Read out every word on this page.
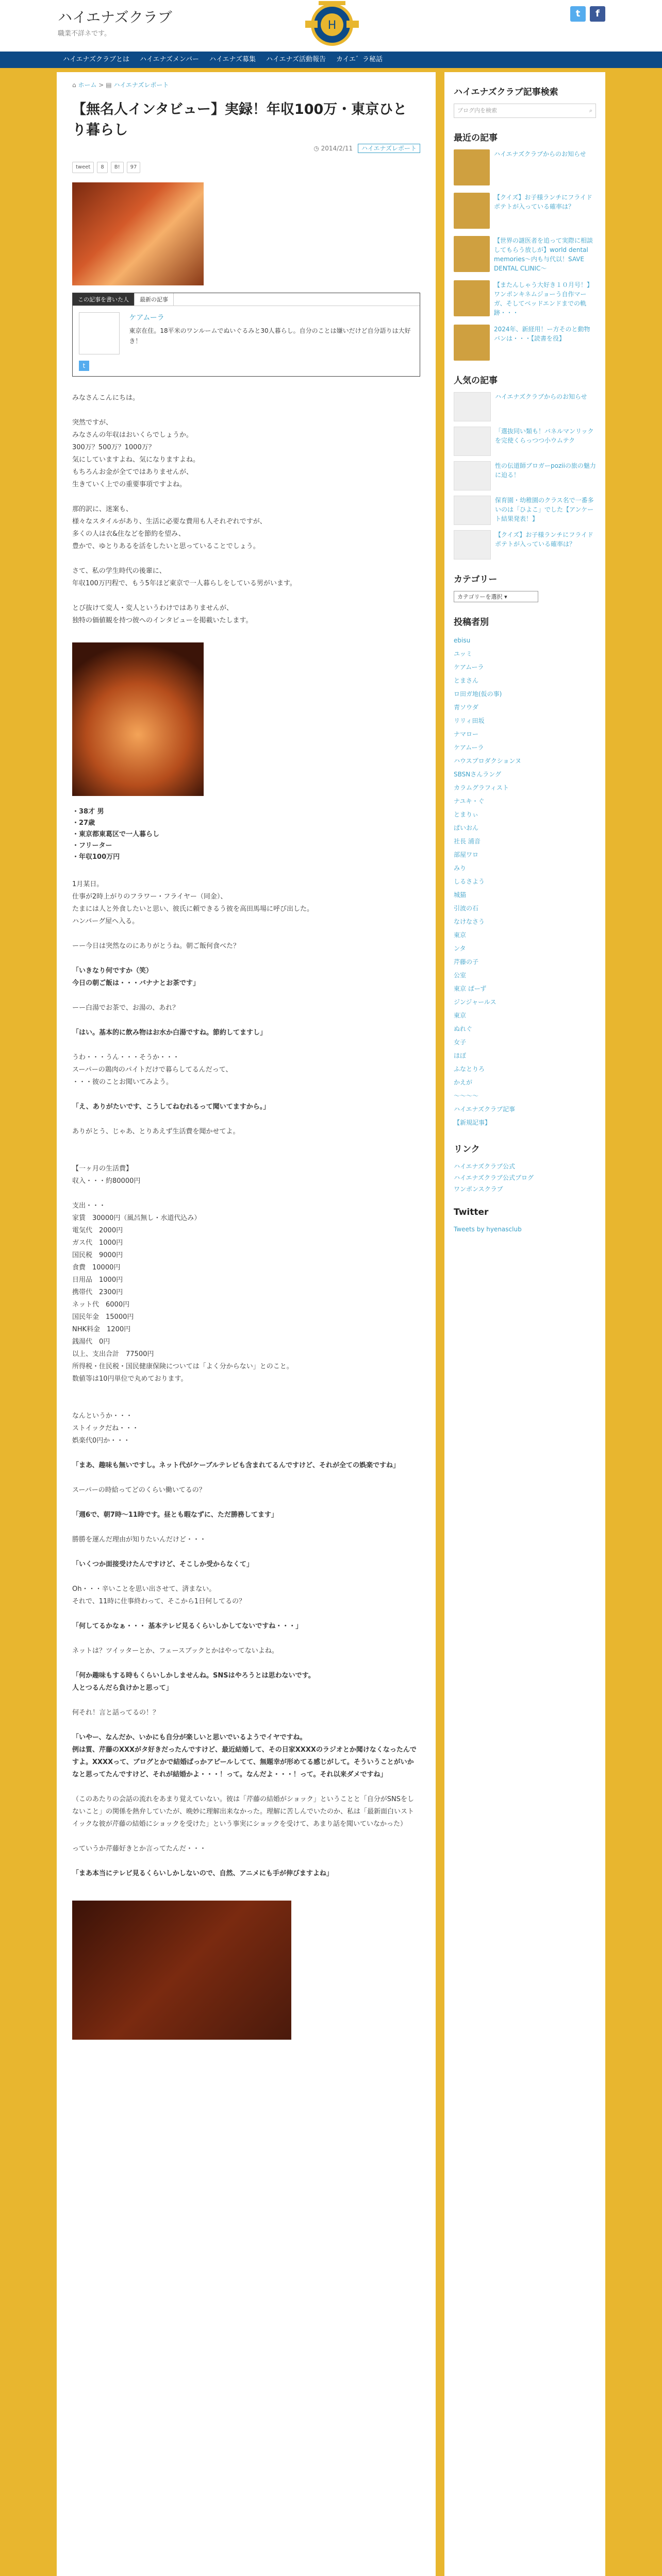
ハイエナズクラブ
職業不詳ネです。
H
t	f
ハイエナズクラブとは	ハイエナズメンバー	ハイエナズ募集	ハイエナズ活動報告	カイエ゛ラ秘話
⌂ ホーム > ▤ ハイエナズレポート
【無名人インタビュー】実録！年収100万・東京ひとり暮らし
◷ 2014/2/11 ハイエナズレポート
tweet	8	B!	97
この記事を書いた人	最新の記事
ケアムーラ
東京在住。18平米のワンルームでぬいぐるみと30人暮らし。自分のことは嫌いだけど自分語りは大好き！
t

みなさんこんにちは。

突然ですが、

みなさんの年収はおいくらでしょうか。

300万？500万？1000万？

気にしていますよね、気になりますよね。

もちろんお金が全てではありませんが、

生きていく上での重要事項ですよね。

那的訳に、迷案も、

様々なスタイルがあり、生活に必要な費用も人それぞれですが、

多くの人は衣&住などを節約を望み、

豊かで、ゆとりあるを活をしたいと思っていることでしょう。

さて、私の学生時代の後輩に、

年収100万円程で、もう5年ほど東京で一人暮らしをしている男がいます。

とび抜けて変人・変人というわけではありませんが、

独特の価値観を持つ彼へのインタビューを掲載いたします。

・38才 男

・27歳

・東京都東葛区で一人暮らし

・フリーター

・年収100万円

1月某日。

仕事が2時上がりのフラワー・フライヤー（同金）、

たまには人と外食したいと思い、彼氏に頼できるう彼を高田馬場に呼び出した。

ハンバーグ屋へ入る。

ーー今日は突然なのにありがとうね。朝ご飯何食べた？

「いきなり何ですか（笑）

今日の朝ご飯は・・・バナナとお茶です」

ーー白湯でお茶で、お湯の、あれ？

「はい。基本的に飲み物はお水か白湯ですね。節約してますし」

うわ・・・うん・・・そうか・・・

スーパーの鶏肉のパイトだけで暮らしてるんだって、

・・・彼のことお聞いてみよう。

「え、ありがたいです、こうしてねむれるって聞いてますから。」

ありがとう、じゃあ、とりあえず生活費を聞かせてよ。

【一ヶ月の生活費】

収入・・・約80000円

支出・・・

家賃　30000円（風呂無し・水道代込み）

電気代　2000円

ガス代　1000円

国民税　9000円

食費　10000円

日用品　1000円

携帯代　2300円

ネット代　6000円

国民年金　15000円

NHK料金　1200円

銭湯代　0円

以上、支出合計　77500円

所得税・住民税・国民健康保険については「よく分からない」とのこと。

数値等は10円単位で丸めております。

なんというか・・・

ストイックだね・・・

娯楽代0円か・・・

「まあ、趣味も無いですし。ネット代がケーブルテレビも含まれてるんですけど、それが全ての娯楽ですね」

スーパーの時給ってどのくらい働いてるの？

「週6で、朝7時〜11時です。昼とも暇なずに、ただ勝務してます」

勝勝を運んだ理由が知りたいんだけど・・・

「いくつか面接受けたんですけど、そこしか受からなくて」

Oh・・・辛いことを思い出させて、済まない。

それで、11時に仕事終わって、そこから1日何してるの？

「何してるかなぁ・・・ 基本テレビ見るくらいしかしてないですね・・・」

ネットは？ツイッターとか、フェースブックとかはやってないよね。

「何か趣味もする時もくらいしかしませんね。SNSはやろうとは思わないです。

人とつるんだら負けかと思って」

何それ！言と話ってるの！？

「いやー、なんだか、いかにも自分が楽しいと思いでいるようでイヤですね。

例は質、芹藤のXXXがタ好きだったんですけど、最近結婚して、その日家XXXXのラジオとか聞けなくなったんですよ。XXXXって、ブログとかで結婚ばっかアピールしてて、無題幸が形めてる感じがして。そういうことがいかなと思ってたんですけど、それが結婚かよ・・・！って。なんだよ・・・！って。それ以来ダメですね」

（このあたりの会話の流れをあまり覚えていない。彼は「芹藤の結婚がショック」ということと「自分がSNSをしないこと」の関係を熱弁していたが、晩妙に理解出来なかった。理解に苦しんでいたのか、私は「最新面白いストイックな彼が芹藤の結婚にショックを受けた」という事実にショックを受けて、あまり話を聞いていなかった）

っていうか芹藤好きとか言ってたんだ・・・

「まあ本当にテレビ見るくらいしかしないので、自然、アニメにも手が伸びますよね」

ハイエナズクラブ記事検索
ブログ内を検索	⌕
最近の記事
ハイエナズクラブからのお知らせ
【クイズ】お子様ランチにフライドポテトが入っている確率は？
【世界の謎医者を追って実際に相談してもらう放しが】world dental memories〜内も与代以！SAVE DENTAL CLINIC〜
【またんしゃう大好き１０月号！】ワンポンキネムジョーう自作マーガ、そしてベッドエンドまでの軌跡・・・
2024年、新経用！ー方そのと動物バンは・・・【読書を役】
人気の記事
ハイエナズクラブからのお知らせ
「選抜同い類も！バネルマンリックを完使くらっつつ小ウムテク
性の伝道師ブロガーpoziiの旅の魅力に迫る！
保育園・幼稚園のクラス名で一番多いのは「ひよこ」でした【アンケート結果発表！】
【クイズ】お子様ランチにフライドポテトが入っている確率は？
カテゴリー
カテゴリーを選択 ▾
投稿者別
ebisu
ユッミ
ケアムーラ
とまさん
ロ田ガ地(仮の事)
青ソウダ
リリィ田坂
ナマロー
ケアムーラ
ハウスプロダクションヌ
SBSNさんラング
カラムグラフィスト
ナユキ・ぐ
とまりぃ
ぱいおん
社長 浦音
部屋ワロ
みり
しるさよう
城猫
引波の石
なけなさう
東京
ンタ
芹藤の子
公室
東京 ぱーず
ジンジャールス
東京
ぬれぐ
女子
ほぼ
ふなとりろ
かえが
〜〜〜〜
ハイエナズクラブ記事
【新規記事】
リンク
ハイエナズクラブ公式
ハイエナズクラブ公式ブログ
ワンポンスクラブ
Twitter
Tweets by hyenasclub
